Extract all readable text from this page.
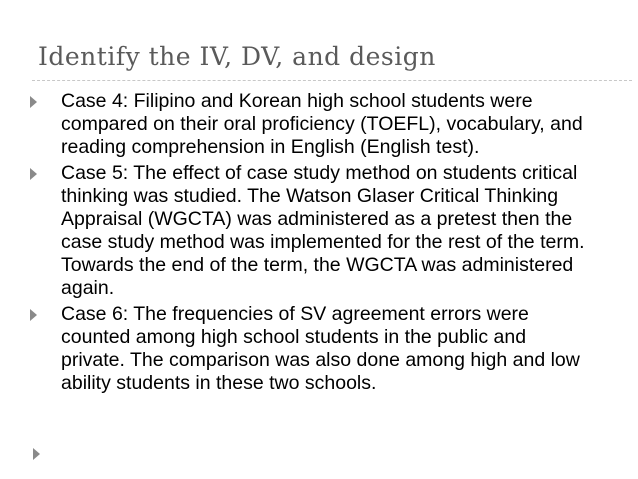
Identify the IV, DV, and design
Case 4: Filipino and Korean high school students were compared on their oral proficiency (TOEFL), vocabulary, and reading comprehension in English (English test).
Case 5: The effect of case study method on students critical thinking was studied. The Watson Glaser Critical Thinking Appraisal (WGCTA) was administered as a pretest then the case study method was implemented for the rest of the term. Towards the end of the term, the WGCTA was administered again.
Case 6: The frequencies of SV agreement errors were counted among high school students in the public and private. The comparison was also done among high and low ability students in these two schools.
